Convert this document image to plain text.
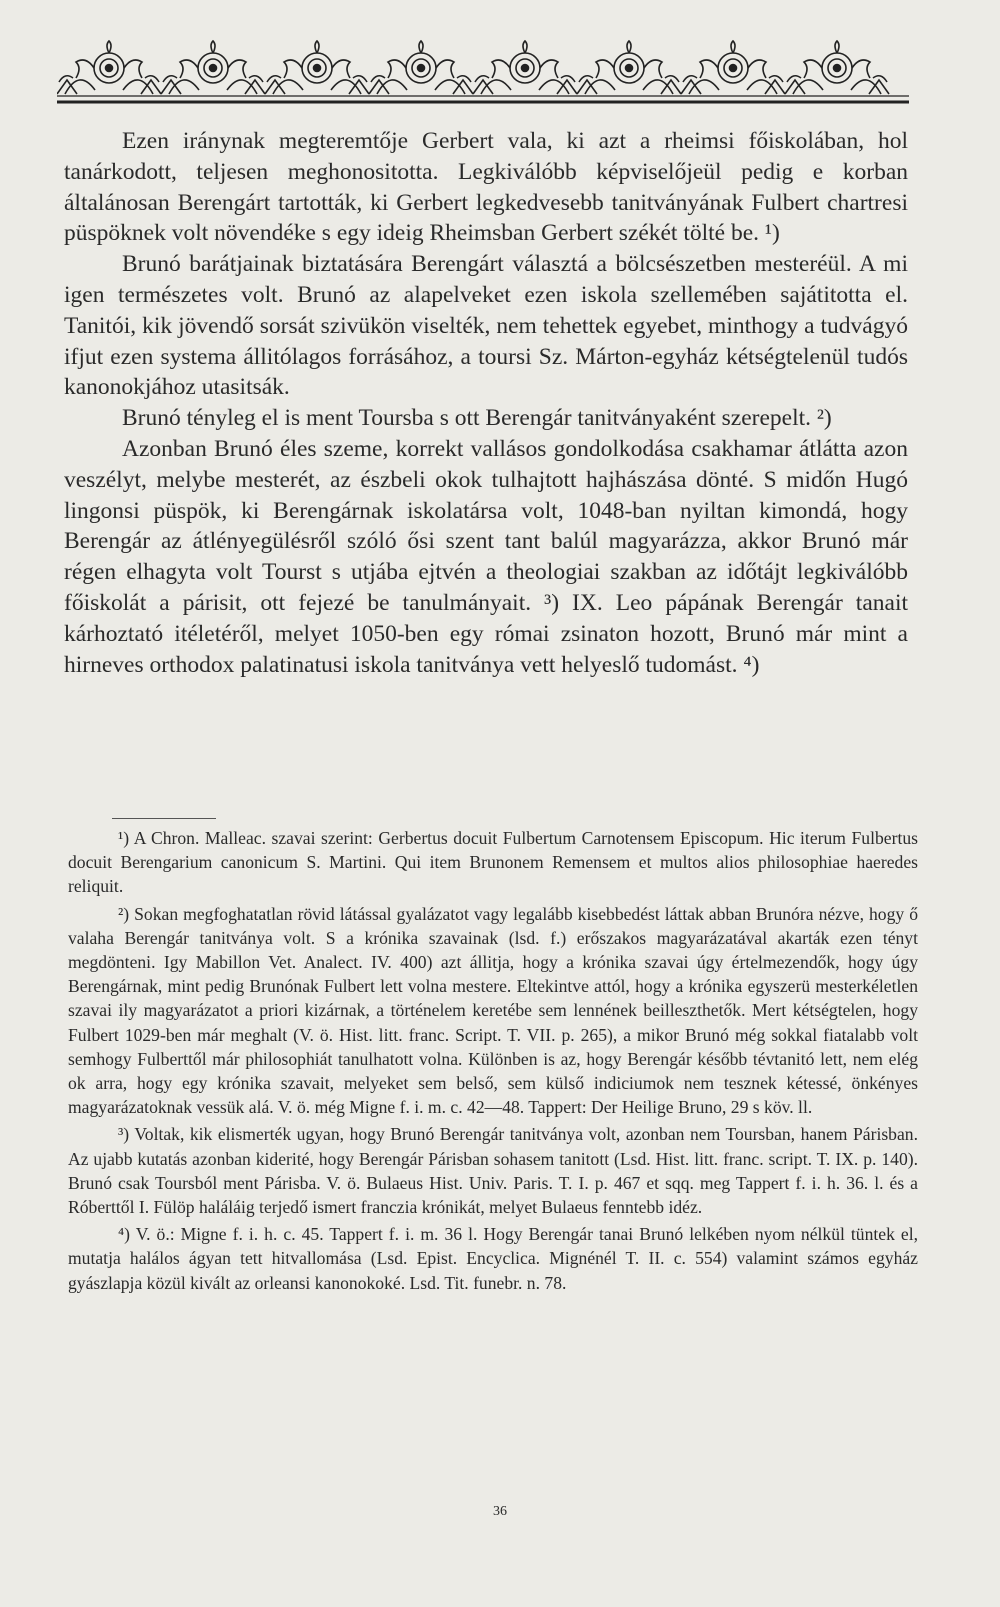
Ezen iránynak megteremtője Gerbert vala, ki azt a rheimsi főiskolában, hol tanárkodott, teljesen meghonositotta. Legkiválóbb képviselőjeül pedig e korban általánosan Berengárt tartották, ki Gerbert legkedvesebb tanitványának Fulbert chartresi püspöknek volt növendéke s egy ideig Rheimsban Gerbert székét tölté be. ¹)

Brunó barátjainak biztatására Berengárt választá a bölcsészetben mesteréül. A mi igen természetes volt. Brunó az alapelveket ezen iskola szellemében sajátitotta el. Tanitói, kik jövendő sorsát szivükön viselték, nem tehettek egyebet, minthogy a tudvágyó ifjut ezen systema állitólagos forrásához, a toursi Sz. Márton-egyház kétségtelenül tudós kanonokjához utasitsák.

Brunó tényleg el is ment Toursba s ott Berengár tanitványaként szerepelt. ²)

Azonban Brunó éles szeme, korrekt vallásos gondolkodása csakhamar átlátta azon veszélyt, melybe mesterét, az észbeli okok tulhajtott hajhászása dönté. S midőn Hugó lingonsi püspök, ki Berengárnak iskolatársa volt, 1048-ban nyiltan kimondá, hogy Berengár az átlényegülésről szóló ősi szent tant balúl magyarázza, akkor Brunó már régen elhagyta volt Tourst s utjába ejtvén a theologiai szakban az időtájt legkiválóbb főiskolát a párisit, ott fejezé be tanulmányait. ³) IX. Leo pápának Berengár tanait kárhoztató itéletéről, melyet 1050-ben egy római zsinaton hozott, Brunó már mint a hirneves orthodox palatinatusi iskola tanitványa vett helyeslő tudomást. ⁴)

¹) A Chron. Malleac. szavai szerint: Gerbertus docuit Fulbertum Carnotensem Episcopum. Hic iterum Fulbertus docuit Berengarium canonicum S. Martini. Qui item Brunonem Remensem et multos alios philosophiae haeredes reliquit.

²) Sokan megfoghatatlan rövid látással gyalázatot vagy legalább kisebbedést láttak abban Brunóra nézve, hogy ő valaha Berengár tanitványa volt. S a krónika szavainak (lsd. f.) erőszakos magyarázatával akarták ezen tényt megdönteni. Igy Mabillon Vet. Analect. IV. 400) azt állitja, hogy a krónika szavai úgy értelmezendők, hogy úgy Berengárnak, mint pedig Brunónak Fulbert lett volna mestere. Eltekintve attól, hogy a krónika egyszerü mesterkéletlen szavai ily magyarázatot a priori kizárnak, a történelem keretébe sem lennének beilleszthetők. Mert kétségtelen, hogy Fulbert 1029-ben már meghalt (V. ö. Hist. litt. franc. Script. T. VII. p. 265), a mikor Brunó még sokkal fiatalabb volt semhogy Fulberttől már philosophiát tanulhatott volna. Különben is az, hogy Berengár később tévtanitó lett, nem elég ok arra, hogy egy krónika szavait, melyeket sem belső, sem külső indiciumok nem tesznek kétessé, önkényes magyarázatoknak vessük alá. V. ö. még Migne f. i. m. c. 42—48. Tappert: Der Heilige Bruno, 29 s köv. ll.

³) Voltak, kik elismerték ugyan, hogy Brunó Berengár tanitványa volt, azonban nem Toursban, hanem Párisban. Az ujabb kutatás azonban kiderité, hogy Berengár Párisban sohasem tanitott (Lsd. Hist. litt. franc. script. T. IX. p. 140). Brunó csak Toursból ment Párisba. V. ö. Bulaeus Hist. Univ. Paris. T. I. p. 467 et sqq. meg Tappert f. i. h. 36. l. és a Róberttől I. Fülöp haláláig terjedő ismert franczia krónikát, melyet Bulaeus fenntebb idéz.

⁴) V. ö.: Migne f. i. h. c. 45. Tappert f. i. m. 36 l. Hogy Berengár tanai Brunó lelkében nyom nélkül tüntek el, mutatja halálos ágyan tett hitvallomása (Lsd. Epist. Encyclica. Mignénél T. II. c. 554) valamint számos egyház gyászlapja közül kivált az orleansi kanonokoké. Lsd. Tit. funebr. n. 78.

36
